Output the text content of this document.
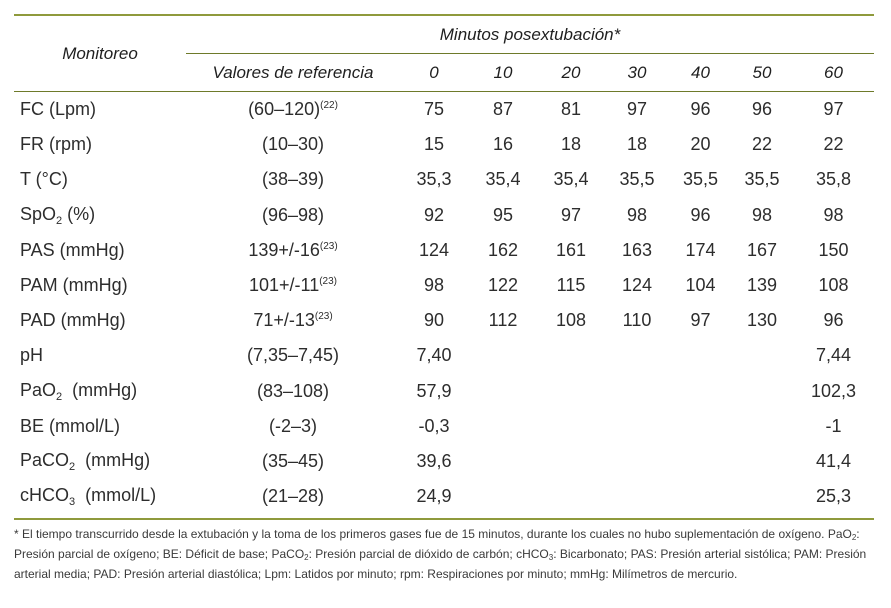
Monitoreo	Minutos posextubación*							
	Valores de referencia	0	10	20	30	40	50	60

FC (Lpm)	$(60-120)^{(22)}$	75	87	81	97	96	96	97
FR (rpm)	(10–30)	15	16	18	18	20	22	22
T (°C)	(38–39)	35,3	35,4	35,4	35,5	35,5	35,5	35,8
SpO$_2$ (%)	(96–98)	92	95	97	98	96	98	98
PAS (mmHg)	$139+/-16^{(23)}$	124	162	161	163	174	167	150
PAM (mmHg)	$101+/-11^{(23)}$	98	122	115	124	104	139	108
PAD (mmHg)	$71+/-13^{(23)}$	90	112	108	110	97	130	96
pH	(7,35–7,45)	7,40						7,44
PaO$_2$  (mmHg)	(83–108)	57,9						102,3
BE (mmol/L)	(-2–3)	-0,3						-1
PaCO$_2$  (mmHg)	(35–45)	39,6						41,4
cHCO$_3$  (mmol/L)	(21–28)	24,9						25,3
* El tiempo transcurrido desde la extubación y la toma de los primeros gases fue de 15 minutos, durante los cuales no hubo suplementación de oxígeno. PaO$_2$: Presión parcial de oxígeno; BE: Déficit de base; PaCO$_2$: Presión parcial de dióxido de carbón; cHCO$_3$: Bicarbonato; PAS: Presión arterial sistólica; PAM: Presión arterial media; PAD: Presión arterial diastólica; Lpm: Latidos por minuto; rpm: Respiraciones por minuto; mmHg: Milímetros de mercurio.
